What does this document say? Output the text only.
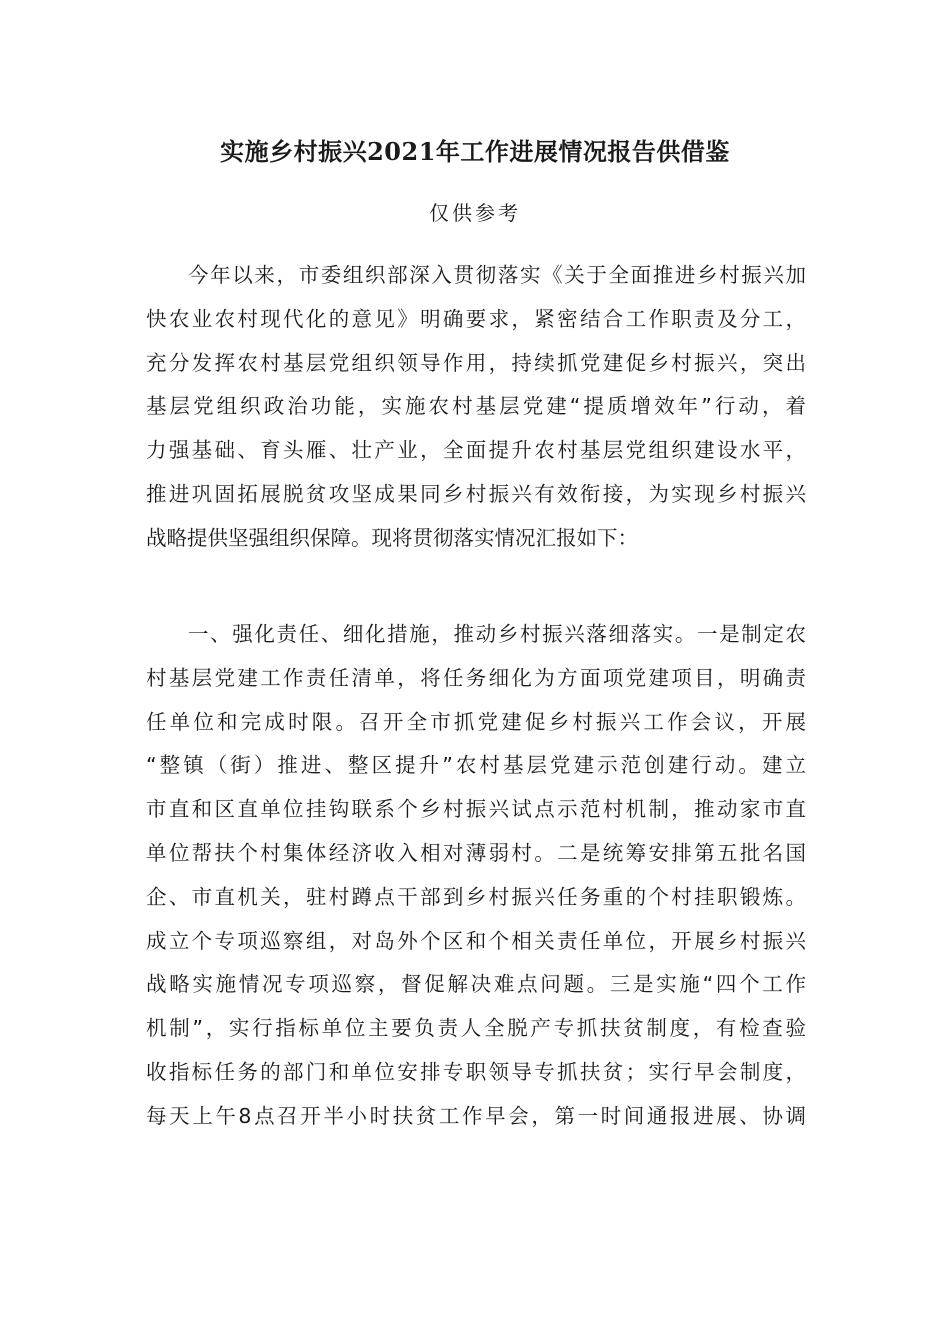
实施乡村振兴2021年工作进展情况报告供借鉴
仅供参考
今年以来，市委组织部深入贯彻落实《关于全面推进乡村振兴加
快农业农村现代化的意见》明确要求，紧密结合工作职责及分工，
充分发挥农村基层党组织领导作用，持续抓党建促乡村振兴，突出
基层党组织政治功能，实施农村基层党建“提质增效年”行动，着
力强基础、育头雁、壮产业，全面提升农村基层党组织建设水平，
推进巩固拓展脱贫攻坚成果同乡村振兴有效衔接，为实现乡村振兴
战略提供坚强组织保障。现将贯彻落实情况汇报如下：
一、强化责任、细化措施，推动乡村振兴落细落实。一是制定农
村基层党建工作责任清单，将任务细化为方面项党建项目，明确责
任单位和完成时限。召开全市抓党建促乡村振兴工作会议，开展
“整镇（街）推进、整区提升”农村基层党建示范创建行动。建立
市直和区直单位挂钩联系个乡村振兴试点示范村机制，推动家市直
单位帮扶个村集体经济收入相对薄弱村。二是统筹安排第五批名国
企、市直机关，驻村蹲点干部到乡村振兴任务重的个村挂职锻炼。
成立个专项巡察组，对岛外个区和个相关责任单位，开展乡村振兴
战略实施情况专项巡察，督促解决难点问题。三是实施“四个工作
机制”，实行指标单位主要负责人全脱产专抓扶贫制度，有检查验
收指标任务的部门和单位安排专职领导专抓扶贫；实行早会制度，
每天上午8点召开半小时扶贫工作早会，第一时间通报进展、协调
